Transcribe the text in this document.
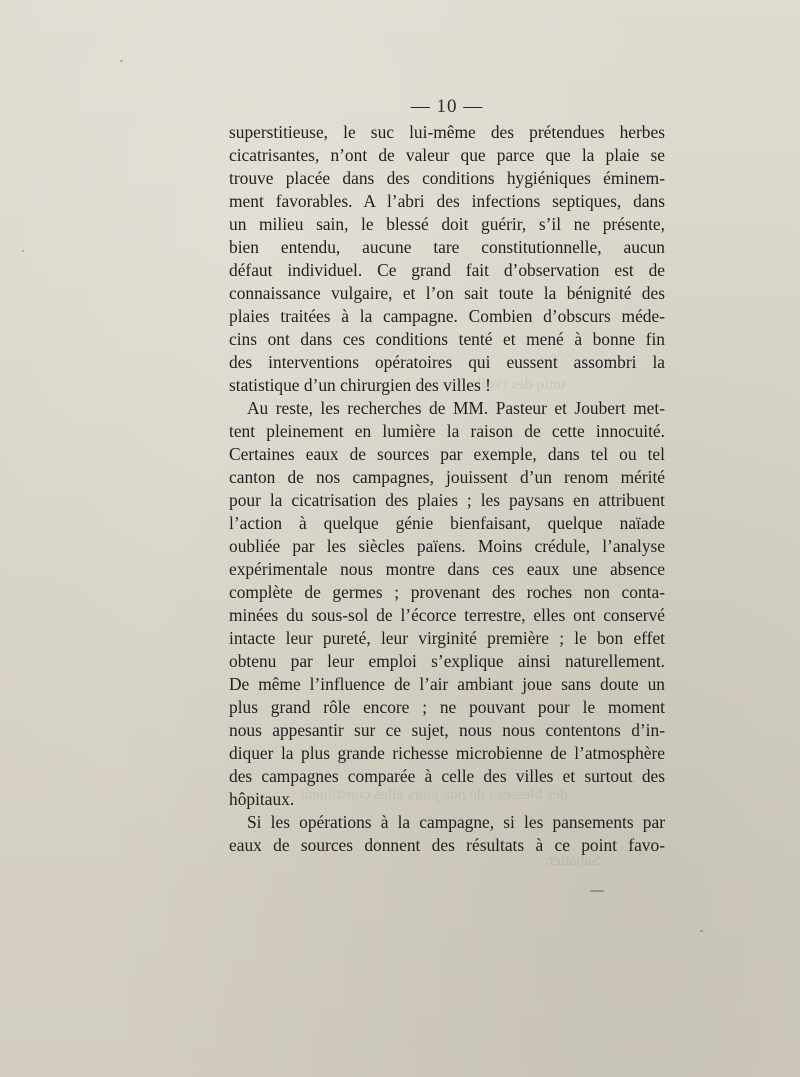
uniq des rvoilé
des blessés ; de nos jours elles constituent
Sabatier.
— 10 —
superstitieuse, le suc lui-même des prétendues herbes
cicatrisantes, n’ont de valeur que parce que la plaie se
trouve placée dans des conditions hygiéniques éminem-
ment favorables. A l’abri des infections septiques, dans
un milieu sain, le blessé doit guérir, s’il ne présente,
bien entendu, aucune tare constitutionnelle, aucun
défaut individuel. Ce grand fait d’observation est de
connaissance vulgaire, et l’on sait toute la bénignité des
plaies traitées à la campagne. Combien d’obscurs méde-
cins ont dans ces conditions tenté et mené à bonne fin
des interventions opératoires qui eussent assombri la
statistique d’un chirurgien des villes !
Au reste, les recherches de MM. Pasteur et Joubert met-
tent pleinement en lumière la raison de cette innocuité.
Certaines eaux de sources par exemple, dans tel ou tel
canton de nos campagnes, jouissent d’un renom mérité
pour la cicatrisation des plaies ; les paysans en attribuent
l’action à quelque génie bienfaisant, quelque naïade
oubliée par les siècles païens. Moins crédule, l’analyse
expérimentale nous montre dans ces eaux une absence
complète de germes ; provenant des roches non conta-
minées du sous-sol de l’écorce terrestre, elles ont conservé
intacte leur pureté, leur virginité première ; le bon effet
obtenu par leur emploi s’explique ainsi naturellement.
De même l’influence de l’air ambiant joue sans doute un
plus grand rôle encore ; ne pouvant pour le moment
nous appesantir sur ce sujet, nous nous contentons d’in-
diquer la plus grande richesse microbienne de l’atmosphère
des campagnes comparée à celle des villes et surtout des
hôpitaux.
Si les opérations à la campagne, si les pansements par
eaux de sources donnent des résultats à ce point favo-
